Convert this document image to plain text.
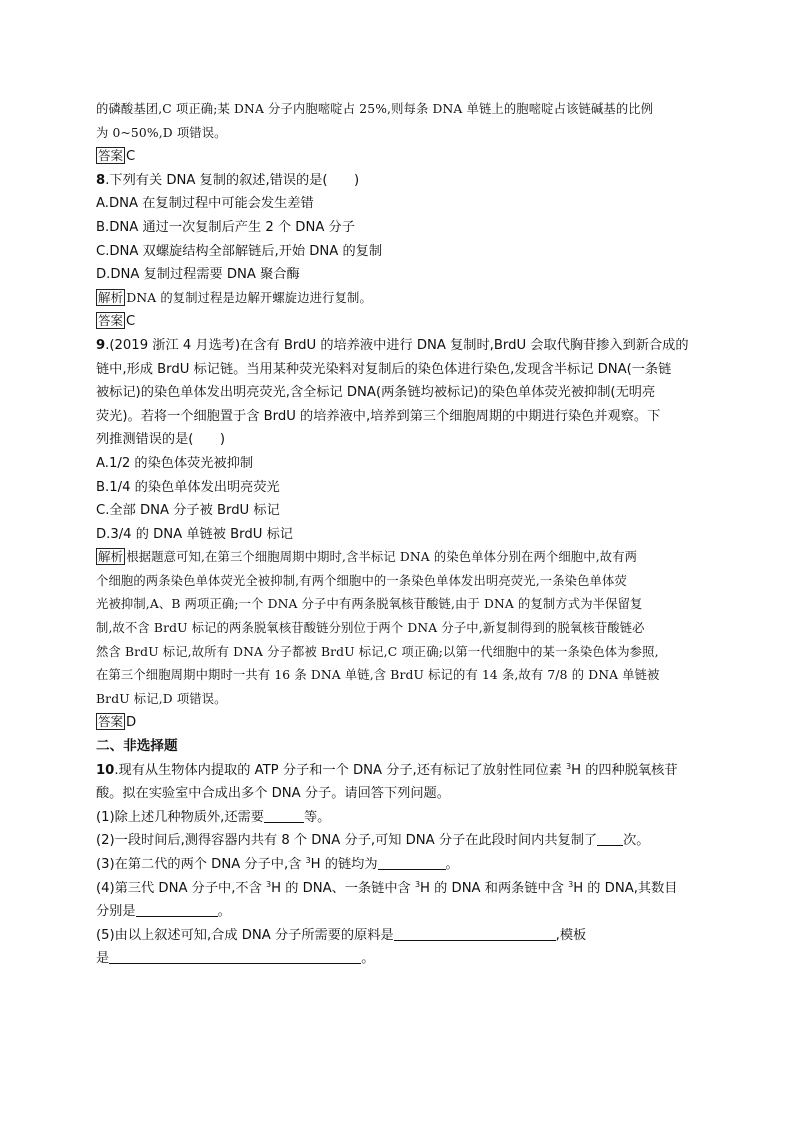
的磷酸基团,C 项正确;某 DNA 分子内胞嘧啶占 25%,则每条 DNA 单链上的胞嘧啶占该链碱基的比例
为 0~50%,D 项错误。
答案 C
8.下列有关 DNA 复制的叙述,错误的是(　　)
A.DNA 在复制过程中可能会发生差错
B.DNA 通过一次复制后产生 2 个 DNA 分子
C.DNA 双螺旋结构全部解链后,开始 DNA 的复制
D.DNA 复制过程需要 DNA 聚合酶
解析 DNA 的复制过程是边解开螺旋边进行复制。
答案 C
9.(2019 浙江 4 月选考)在含有 BrdU 的培养液中进行 DNA 复制时,BrdU 会取代胸苷掺入到新合成的
链中,形成 BrdU 标记链。当用某种荧光染料对复制后的染色体进行染色,发现含半标记 DNA(一条链
被标记)的染色单体发出明亮荧光,含全标记 DNA(两条链均被标记)的染色单体荧光被抑制(无明亮
荧光)。若将一个细胞置于含 BrdU 的培养液中,培养到第三个细胞周期的中期进行染色并观察。下
列推测错误的是(　　)
A.1/2 的染色体荧光被抑制
B.1/4 的染色单体发出明亮荧光
C.全部 DNA 分子被 BrdU 标记
D.3/4 的 DNA 单链被 BrdU 标记
解析 根据题意可知,在第三个细胞周期中期时,含半标记 DNA 的染色单体分别在两个细胞中,故有两
个细胞的两条染色单体荧光全被抑制,有两个细胞中的一条染色单体发出明亮荧光,一条染色单体荧
光被抑制,A、B 两项正确;一个 DNA 分子中有两条脱氧核苷酸链,由于 DNA 的复制方式为半保留复
制,故不含 BrdU 标记的两条脱氧核苷酸链分别位于两个 DNA 分子中,新复制得到的脱氧核苷酸链必
然含 BrdU 标记,故所有 DNA 分子都被 BrdU 标记,C 项正确;以第一代细胞中的某一条染色体为参照,
在第三个细胞周期中期时一共有 16 条 DNA 单链,含 BrdU 标记的有 14 条,故有 7/8 的 DNA 单链被
BrdU 标记,D 项错误。
答案 D
二、非选择题
10.现有从生物体内提取的 ATP 分子和一个 DNA 分子,还有标记了放射性同位素 $^3$H 的四种脱氧核苷
酸。拟在实验室中合成出多个 DNA 分子。请回答下列问题。
(1)除上述几种物质外,还需要	等。
(2)一段时间后,测得容器内共有 8 个 DNA 分子,可知 DNA 分子在此段时间内共复制了 次。
(3)在第二代的两个 DNA 分子中,含 $^3$H 的链均为	。
(4)第三代 DNA 分子中,不含 $^3$H 的 DNA、一条链中含 $^3$H 的 DNA 和两条链中含 $^3$H 的 DNA,其数目
分别是	。
(5)由以上叙述可知,合成 DNA 分子所需要的原料是	,模板
是	。
